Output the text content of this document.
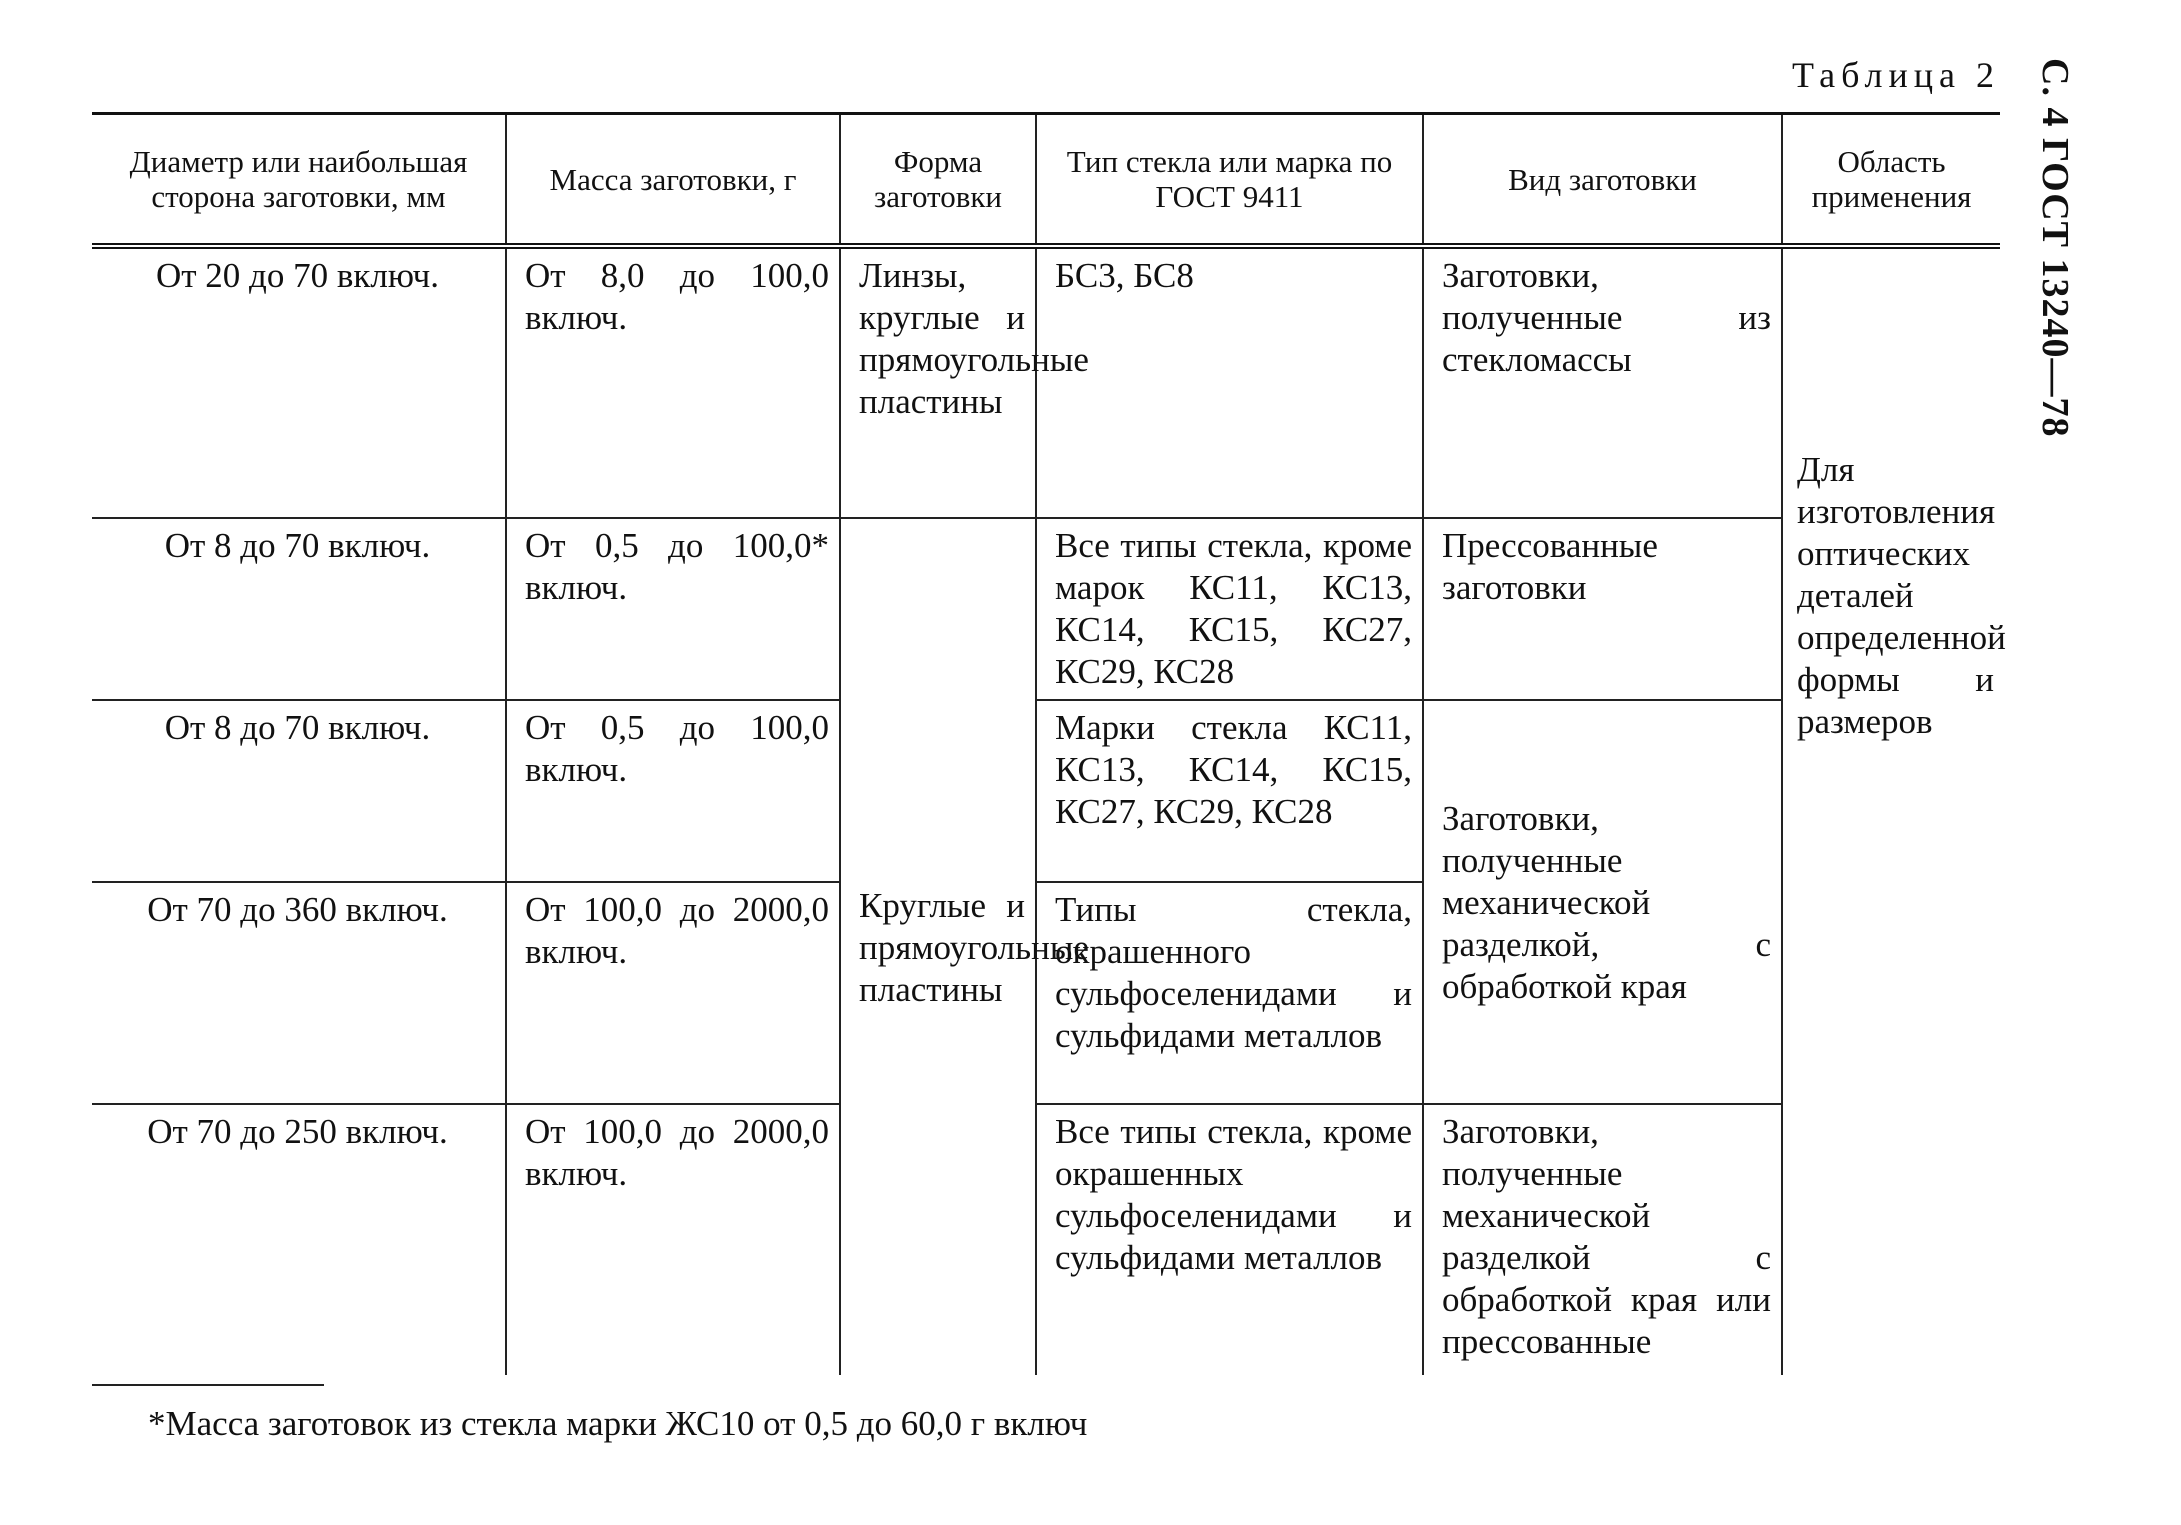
Таблица 2 С. 4 ГОСТ 13240—78
Диаметр или наибольшая сторона заготовки, мм	Масса заготовки, г	Форма заготовки	Тип стекла или марка по ГОСТ 9411	Вид заготовки	Область применения
От 20 до 70 включ.	От 8,0 до 100,0 включ.	Линзы, круглые и прямоугольные пластины	БС3, БС8	Заготовки, полученные из стекломассы	Для изготовления оптических деталей определенной формы и размеров

От 8 до 70 включ.	От 0,5 до 100,0* включ.	Круглые и прямоугольные пластины	Все типы стекла, кроме марок КС11, КС13, КС14, КС15, КС27, КС29, КС28	Прессованные заготовки	
От 8 до 70 включ.	От 0,5 до 100,0 включ.		Марки стекла КС11, КС13, КС14, КС15, КС27, КС29, КС28	Заготовки, полученные механической разделкой, с обработкой края	
От 70 до 360 включ.	От 100,0 до 2000,0 включ.		Типы стекла, окрашенного сульфоселенидами и сульфидами металлов		
От 70 до 250 включ.	От 100,0 до 2000,0 включ.		Все типы стекла, кроме окрашенных сульфоселенидами и сульфидами металлов	Заготовки, полученные механической разделкой с обработкой края или прессованные	
*Масса заготовок из стекла марки ЖС10 от 0,5 до 60,0 г включ
